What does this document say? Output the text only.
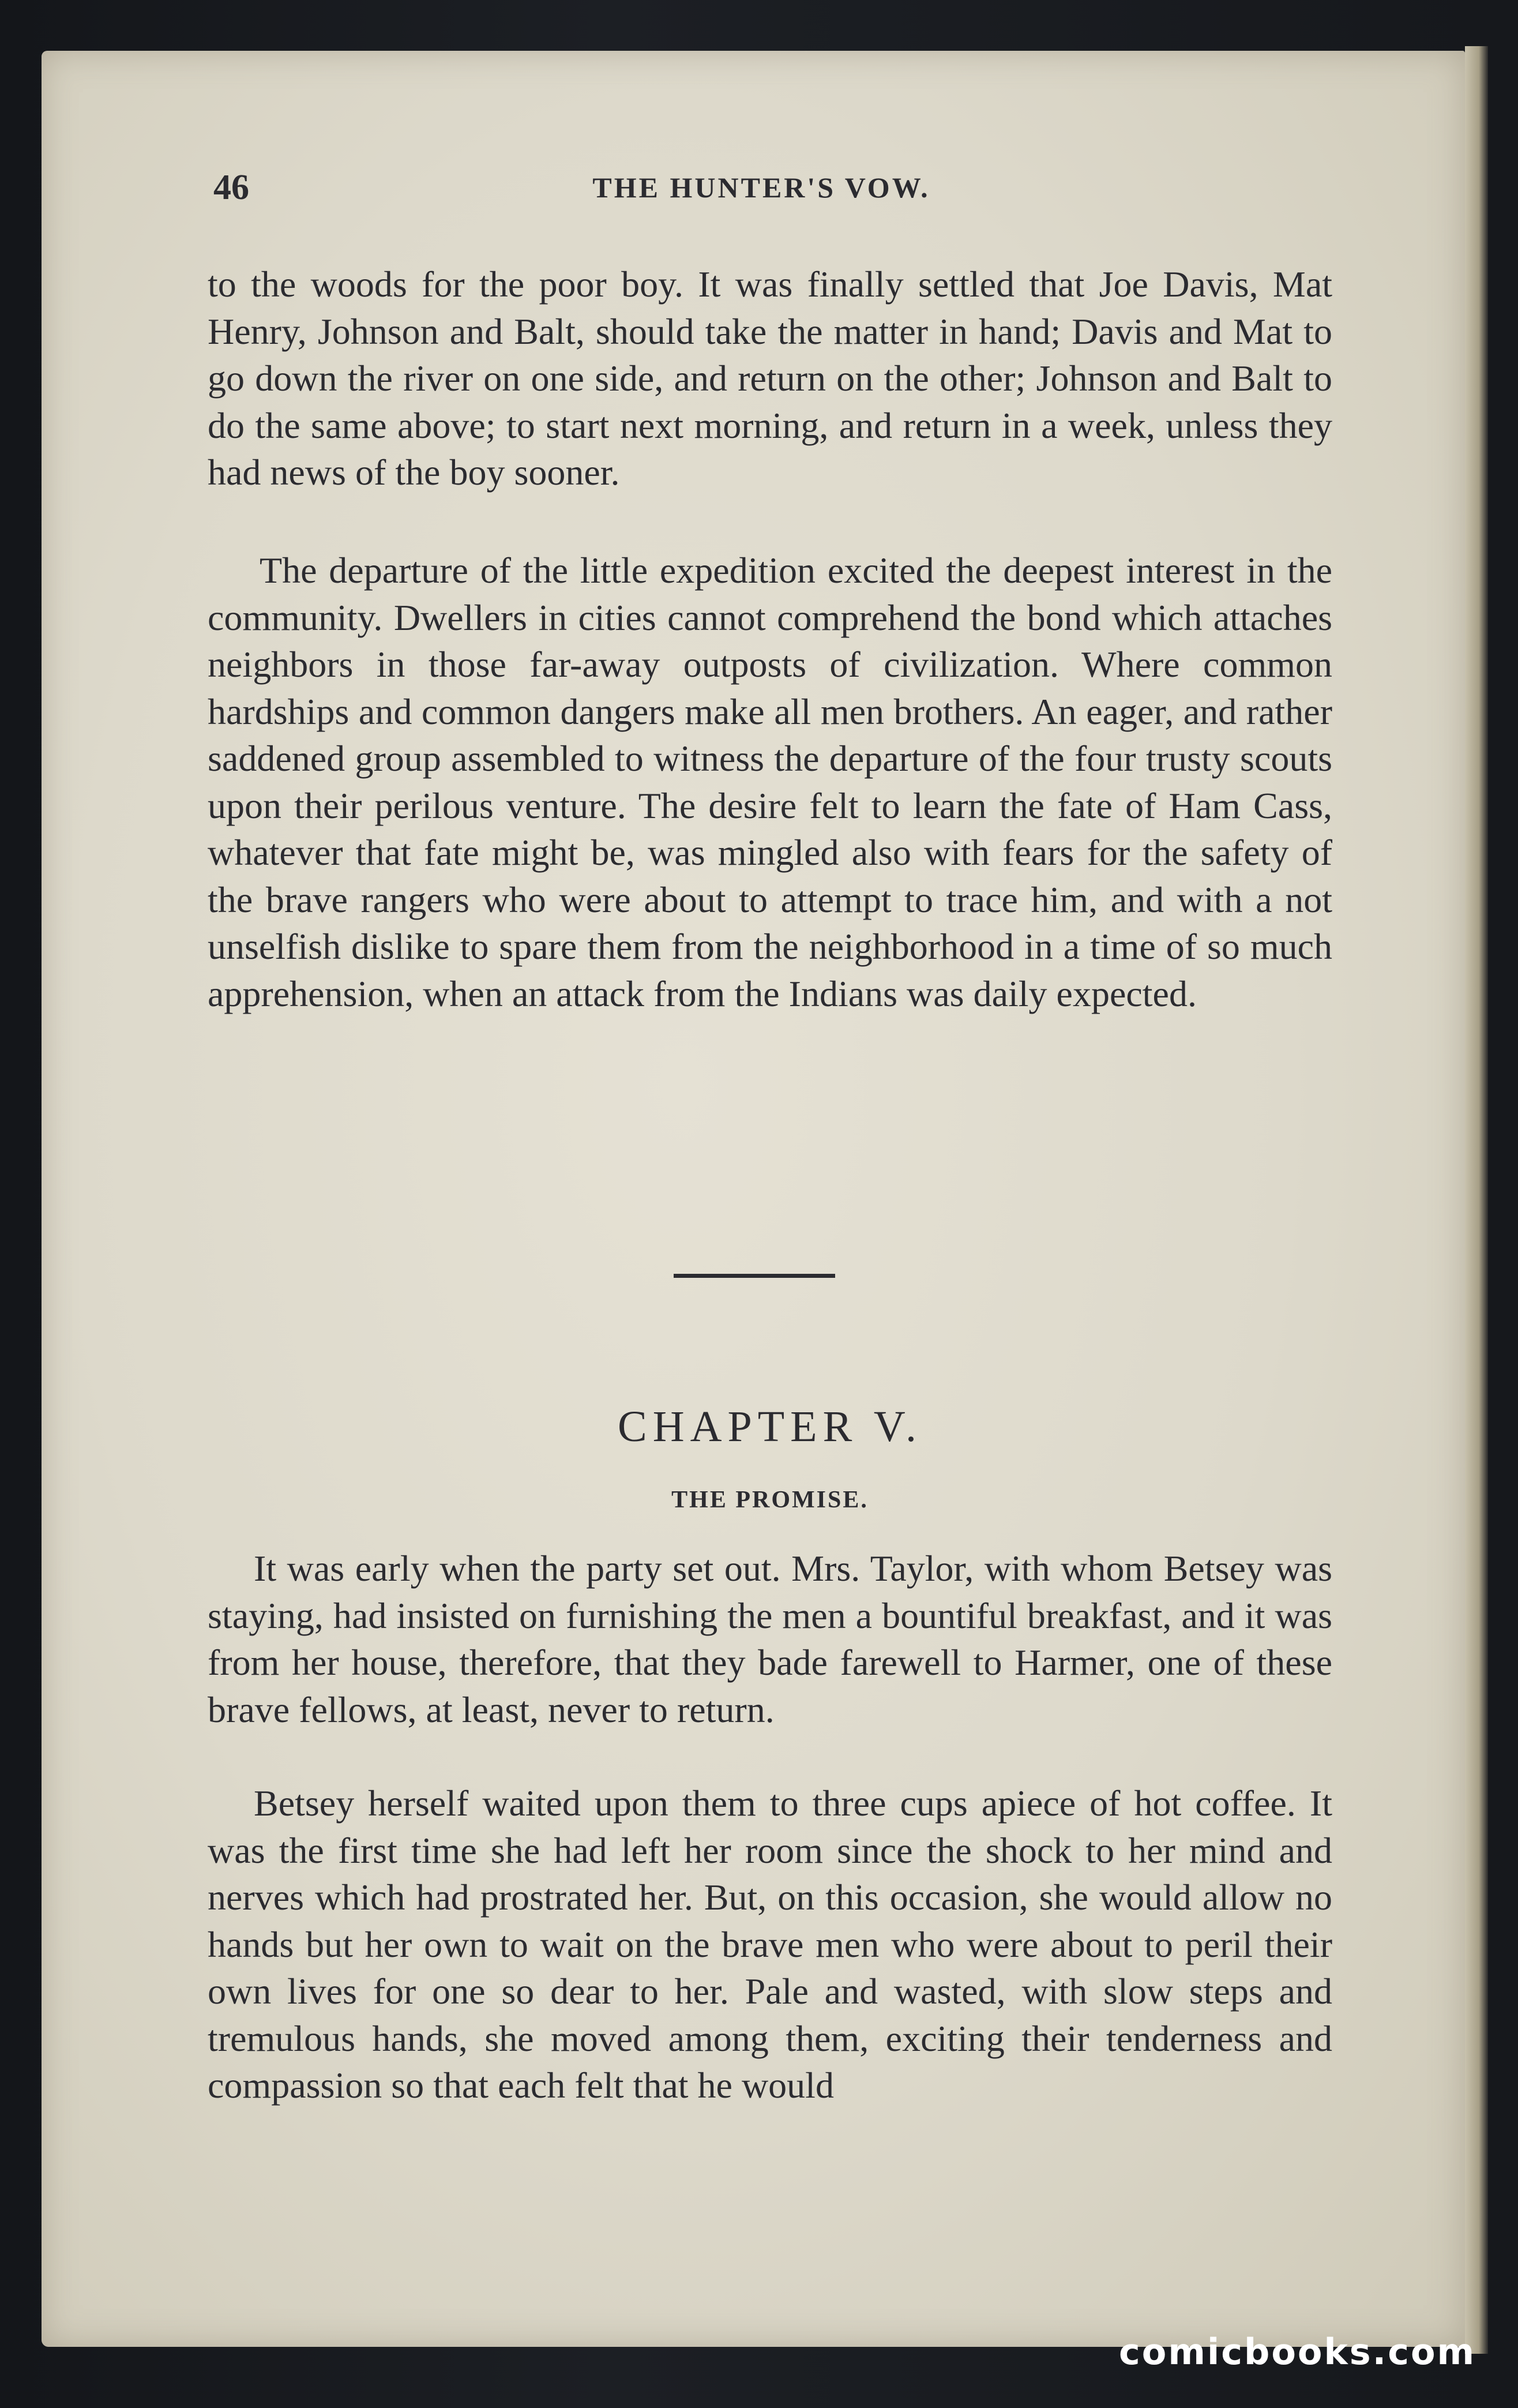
46	THE HUNTER'S VOW.

to the woods for the poor boy. It was finally settled that Joe Davis, Mat Henry, Johnson and Balt, should take the matter in hand; Davis and Mat to go down the river on one side, and return on the other; Johnson and Balt to do the same above; to start next morning, and return in a week, unless they had news of the boy sooner.

The departure of the little expedition excited the deepest interest in the community. Dwellers in cities cannot comprehend the bond which attaches neighbors in those far-away outposts of civilization. Where common hardships and common dangers make all men brothers. An eager, and rather saddened group assembled to witness the departure of the four trusty scouts upon their perilous venture. The desire felt to learn the fate of Ham Cass, whatever that fate might be, was mingled also with fears for the safety of the brave rangers who were about to attempt to trace him, and with a not unselfish dislike to spare them from the neighborhood in a time of so much apprehension, when an attack from the Indians was daily expected.

CHAPTER V.
THE PROMISE.

It was early when the party set out. Mrs. Taylor, with whom Betsey was staying, had insisted on furnishing the men a bountiful breakfast, and it was from her house, therefore, that they bade farewell to Harmer, one of these brave fellows, at least, never to return.

Betsey herself waited upon them to three cups apiece of hot coffee. It was the first time she had left her room since the shock to her mind and nerves which had prostrated her. But, on this occasion, she would allow no hands but her own to wait on the brave men who were about to peril their own lives for one so dear to her. Pale and wasted, with slow steps and tremulous hands, she moved among them, exciting their tenderness and compassion so that each felt that he would

comicbooks.com
